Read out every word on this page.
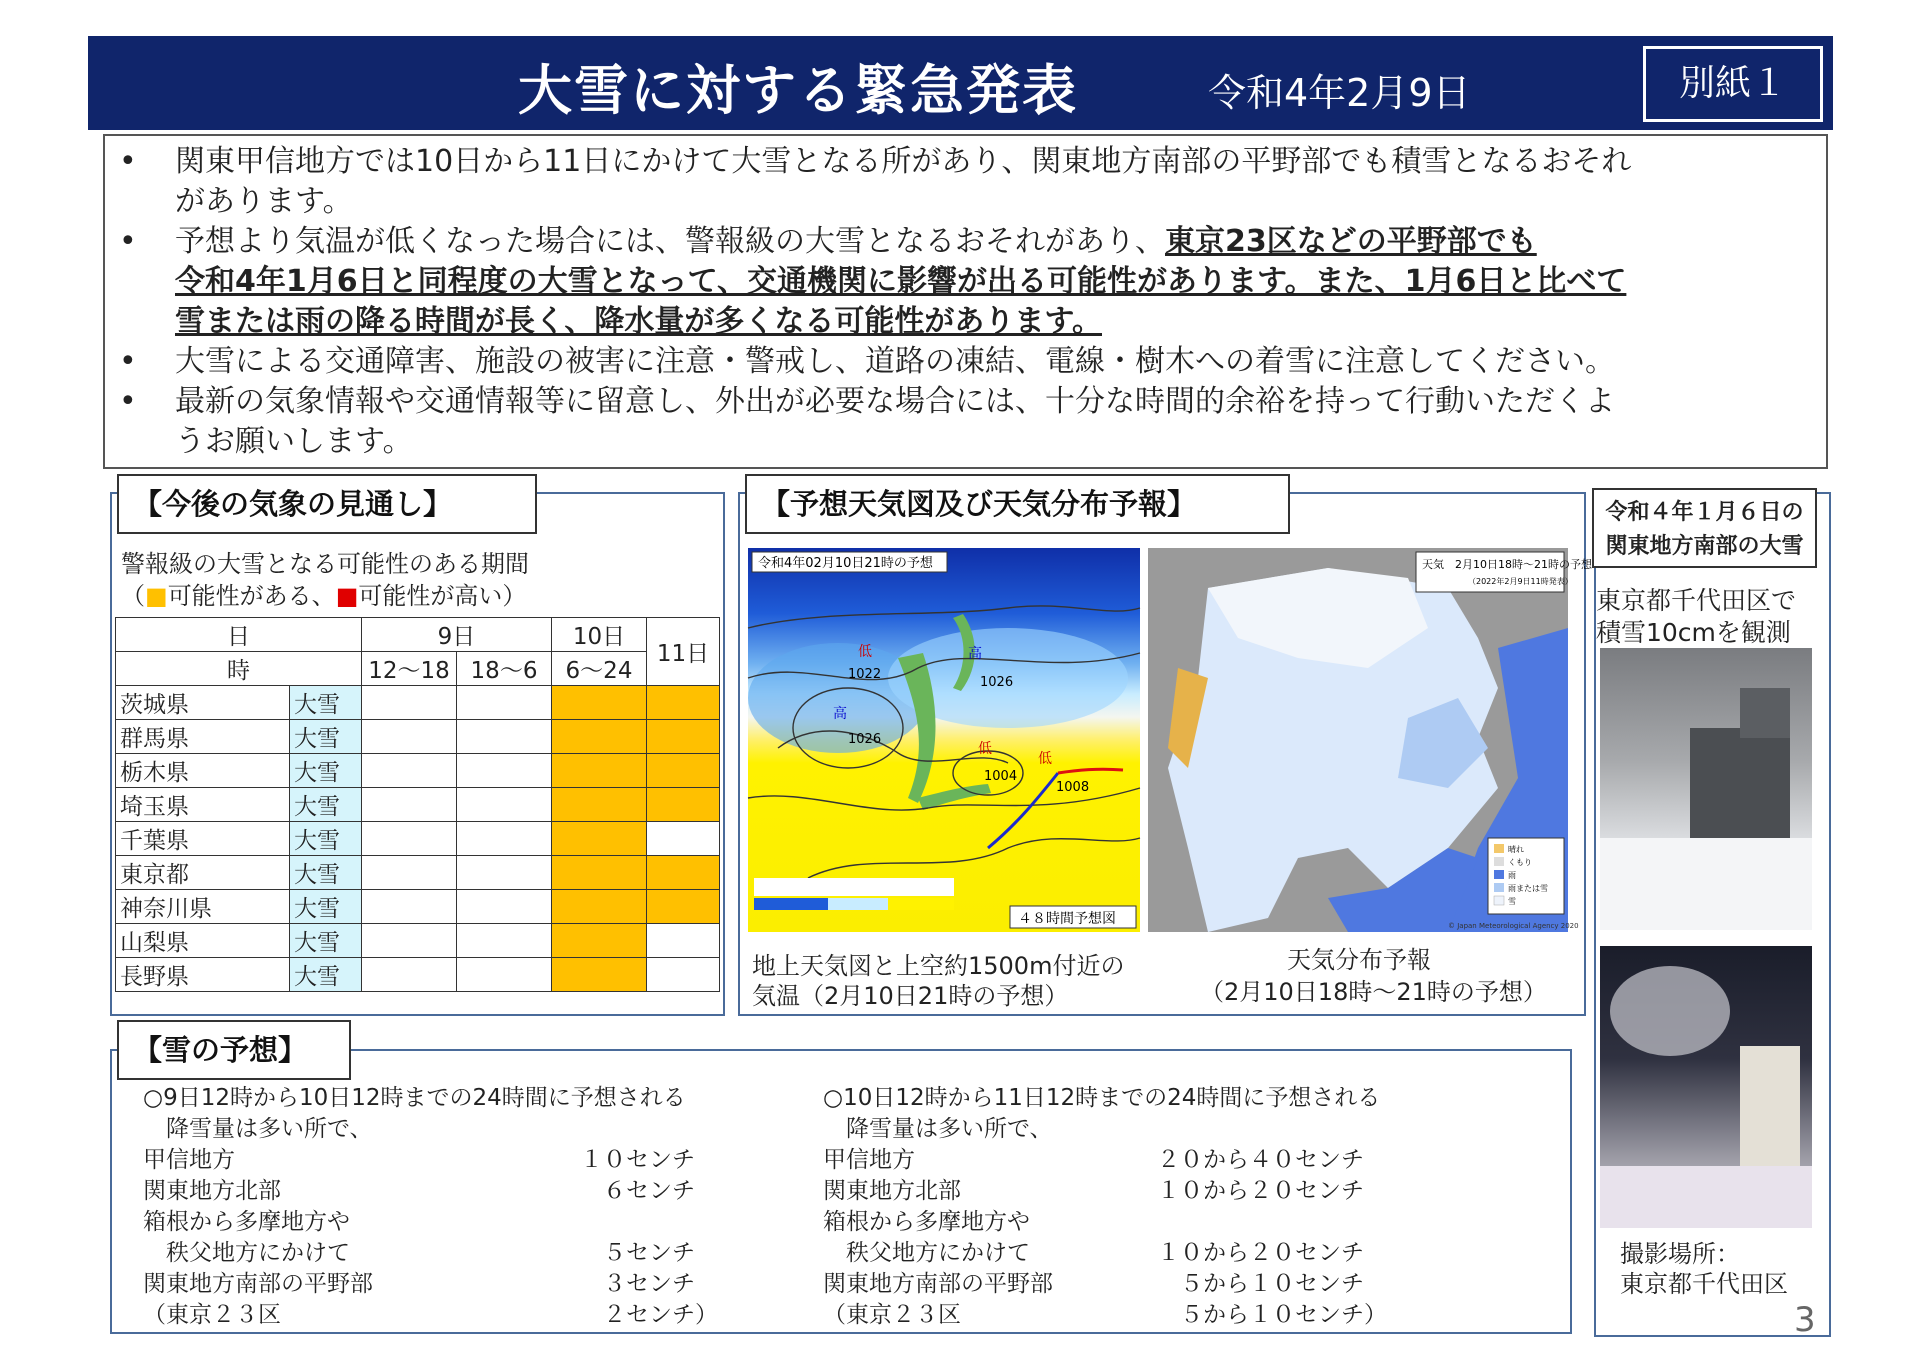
大雪に対する緊急発表	令和4年2月9日	別紙１
• 関東甲信地方では10日から11日にかけて大雪となる所があり、関東地方南部の平野部でも積雪となるおそれ
があります。
• 予想より気温が低くなった場合には、警報級の大雪となるおそれがあり、東京23区などの平野部でも
令和4年1月6日と同程度の大雪となって、交通機関に影響が出る可能性があります。また、1月6日と比べて
雪または雨の降る時間が長く、降水量が多くなる可能性があります。
• 大雪による交通障害、施設の被害に注意・警戒し、道路の凍結、電線・樹木への着雪に注意してください。
• 最新の気象情報や交通情報等に留意し、外出が必要な場合には、十分な時間的余裕を持って行動いただくよ
うお願いします。
【今後の気象の見通し】
警報級の大雪となる可能性のある期間
（■可能性がある、■可能性が高い）
日		9日		10日	11日
時		12～18	18～6	6～24	
茨城県	大雪				
群馬県	大雪				
栃木県	大雪				
埼玉県	大雪				
千葉県	大雪				
東京都	大雪				
神奈川県	大雪				
山梨県	大雪				
長野県	大雪				
【予想天気図及び天気分布予報】
令和4年02月10日21時の予想
低
1022
高
1026
高
1026
低
1004
低
1008
４８時間予想図
天気　2月10日18時～21時の予想
（2022年2月9日11時発表）
晴れ
くもり
雨
雨または雪
雪
© Japan Meteorological Agency 2020
地上天気図と上空約1500m付近の
気温（2月10日21時の予想）
天気分布予報
（2月10日18時～21時の予想）
令和４年１月６日の
関東地方南部の大雪
東京都千代田区で
積雪10cmを観測
撮影場所：
東京都千代田区
【雪の予想】
○9日12時から10日12時までの24時間に予想される
　降雪量は多い所で、
甲信地方	１０センチ
関東地方北部	　６センチ
箱根から多摩地方や
　秩父地方にかけて	　５センチ
関東地方南部の平野部	　３センチ
（東京２３区	　２センチ）
○10日12時から11日12時までの24時間に予想される
　降雪量は多い所で、
甲信地方	２０から４０センチ
関東地方北部	１０から２０センチ
箱根から多摩地方や
　秩父地方にかけて	１０から２０センチ
関東地方南部の平野部	　５から１０センチ
（東京２３区	　５から１０センチ）	3
